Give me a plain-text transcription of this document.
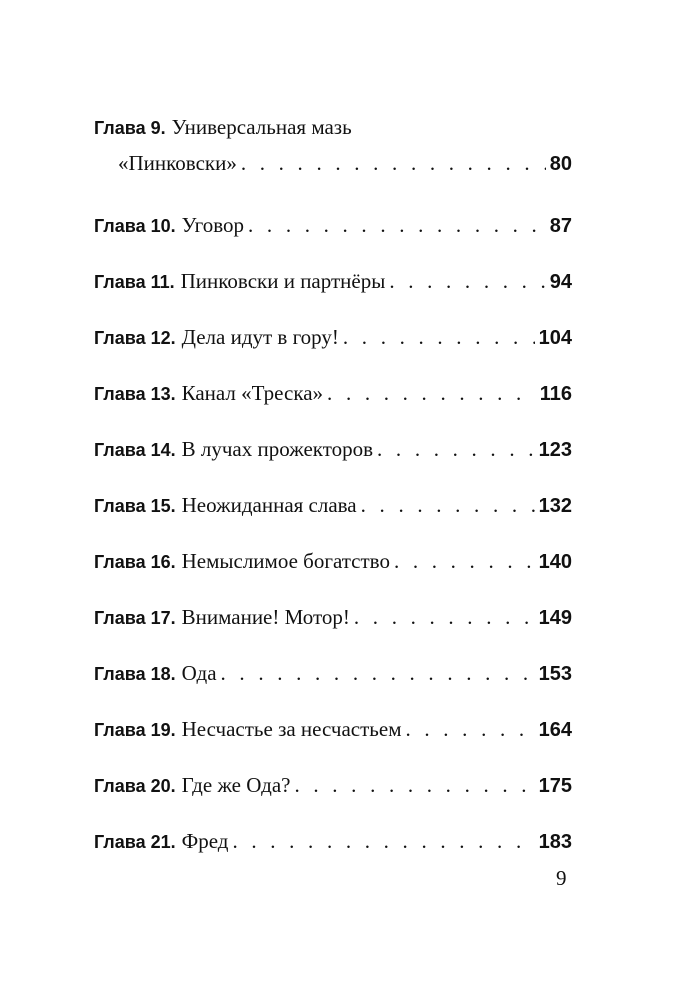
Глава 9. Универсальная мазь
«Пинковски» . . .	80
Глава 10. Уговор . . .	87
Глава 11. Пинковски и партнёры . . .	94
Глава 12. Дела идут в гору! . . .	104
Глава 13. Канал «Треска» . . .	116
Глава 14. В лучах прожекторов . . .	123
Глава 15. Неожиданная слава . . .	132
Глава 16. Немыслимое богатство . . .	140
Глава 17. Внимание! Мотор! . . .	149
Глава 18. Ода . . .	153
Глава 19. Несчастье за несчастьем . . .	164
Глава 20. Где же Ода? . . .	175
Глава 21. Фред . . .	183
9
